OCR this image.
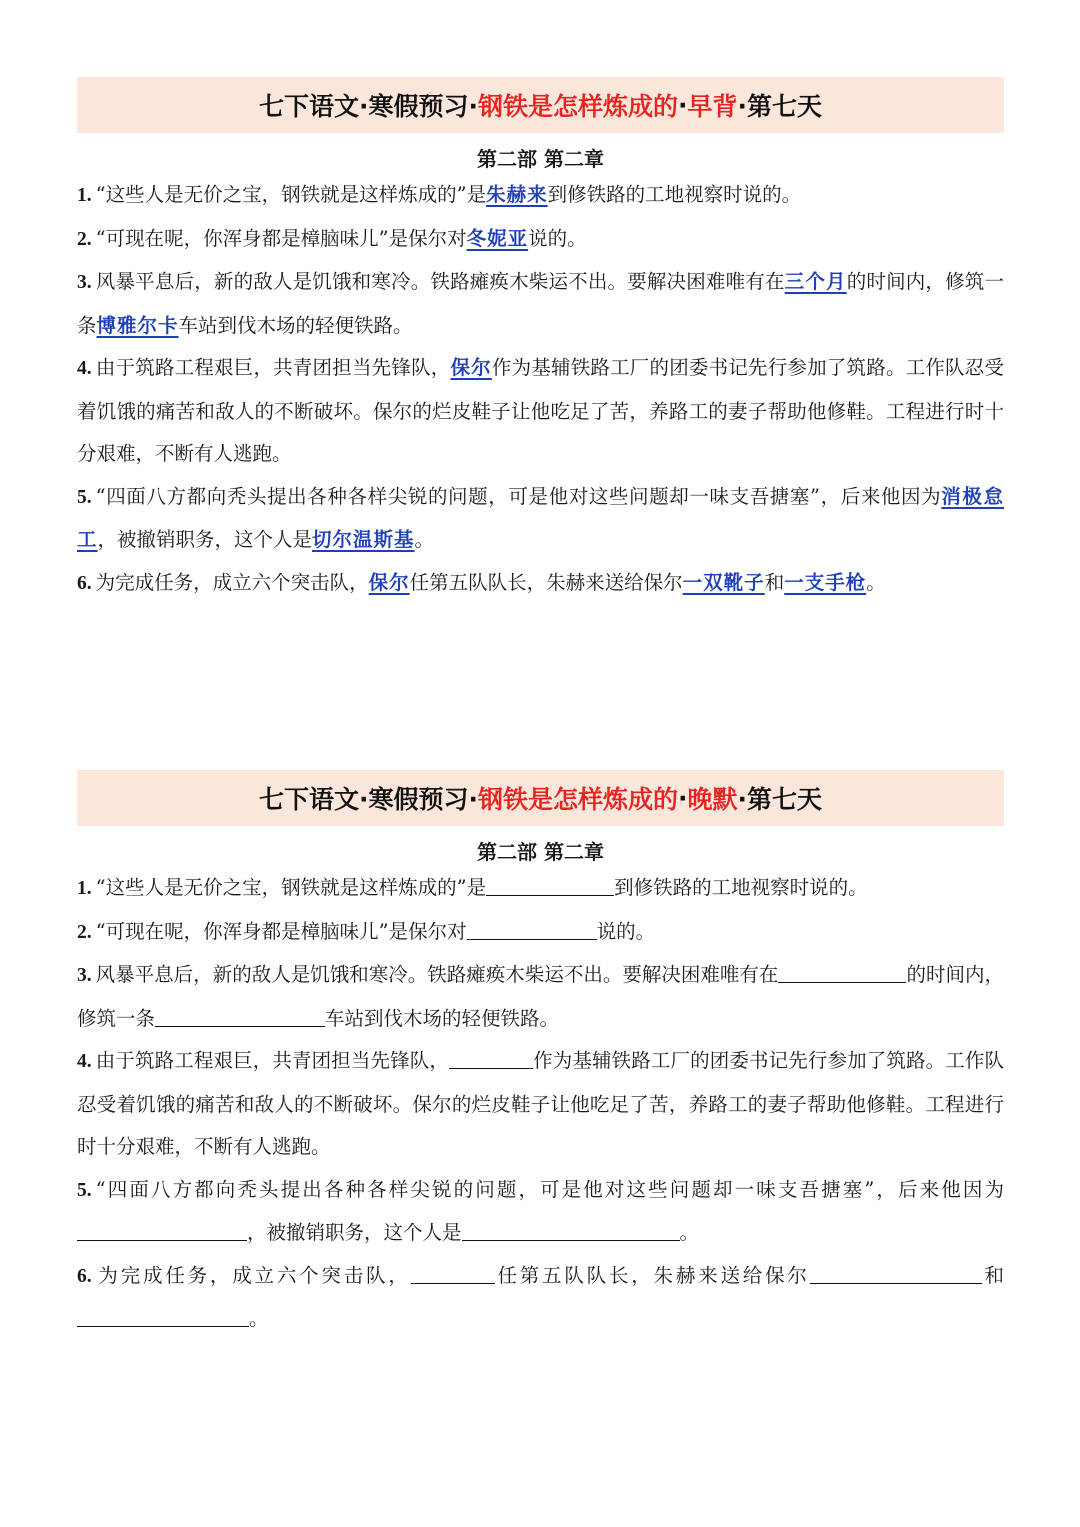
七下语文·寒假预习· 钢铁是怎样炼成的 · 早背 ·第七天
第二部 第二章
1. “这些人是无价之宝，钢铁就是这样炼成的”是朱赫来到修铁路的工地视察时说的。
2. “可现在呢，你浑身都是樟脑味儿”是保尔对冬妮亚说的。
3. 风暴平息后，新的敌人是饥饿和寒冷。铁路瘫痪木柴运不出。要解决困难唯有在三个月的时间内，修筑一条博雅尔卡车站到伐木场的轻便铁路。
4. 由于筑路工程艰巨，共青团担当先锋队，保尔作为基辅铁路工厂的团委书记先行参加了筑路。工作队忍受着饥饿的痛苦和敌人的不断破坏。保尔的烂皮鞋子让他吃足了苦，养路工的妻子帮助他修鞋。工程进行时十分艰难，不断有人逃跑。
5. “四面八方都向秃头提出各种各样尖锐的问题，可是他对这些问题却一味支吾搪塞”，后来他因为消极怠工，被撤销职务，这个人是切尔温斯基。
6. 为完成任务，成立六个突击队，保尔任第五队队长，朱赫来送给保尔一双靴子和一支手枪。
七下语文·寒假预习· 钢铁是怎样炼成的 · 晚默 ·第七天
第二部 第二章
1. “这些人是无价之宝，钢铁就是这样炼成的”是	到修铁路的工地视察时说的。
2. “可现在呢，你浑身都是樟脑味儿”是保尔对	说的。
3. 风暴平息后，新的敌人是饥饿和寒冷。铁路瘫痪木柴运不出。要解决困难唯有在	的时间内，修筑一条	车站到伐木场的轻便铁路。
4. 由于筑路工程艰巨，共青团担当先锋队，	作为基辅铁路工厂的团委书记先行参加了筑路。工作队忍受着饥饿的痛苦和敌人的不断破坏。保尔的烂皮鞋子让他吃足了苦，养路工的妻子帮助他修鞋。工程进行时十分艰难，不断有人逃跑。
5. “四面八方都向秃头提出各种各样尖锐的问题，可是他对这些问题却一味支吾搪塞”，后来他因为，被撤销职务，这个人是	。
6. 为完成任务，成立六个突击队，	任第五队队长，朱赫来送给保尔	和。
